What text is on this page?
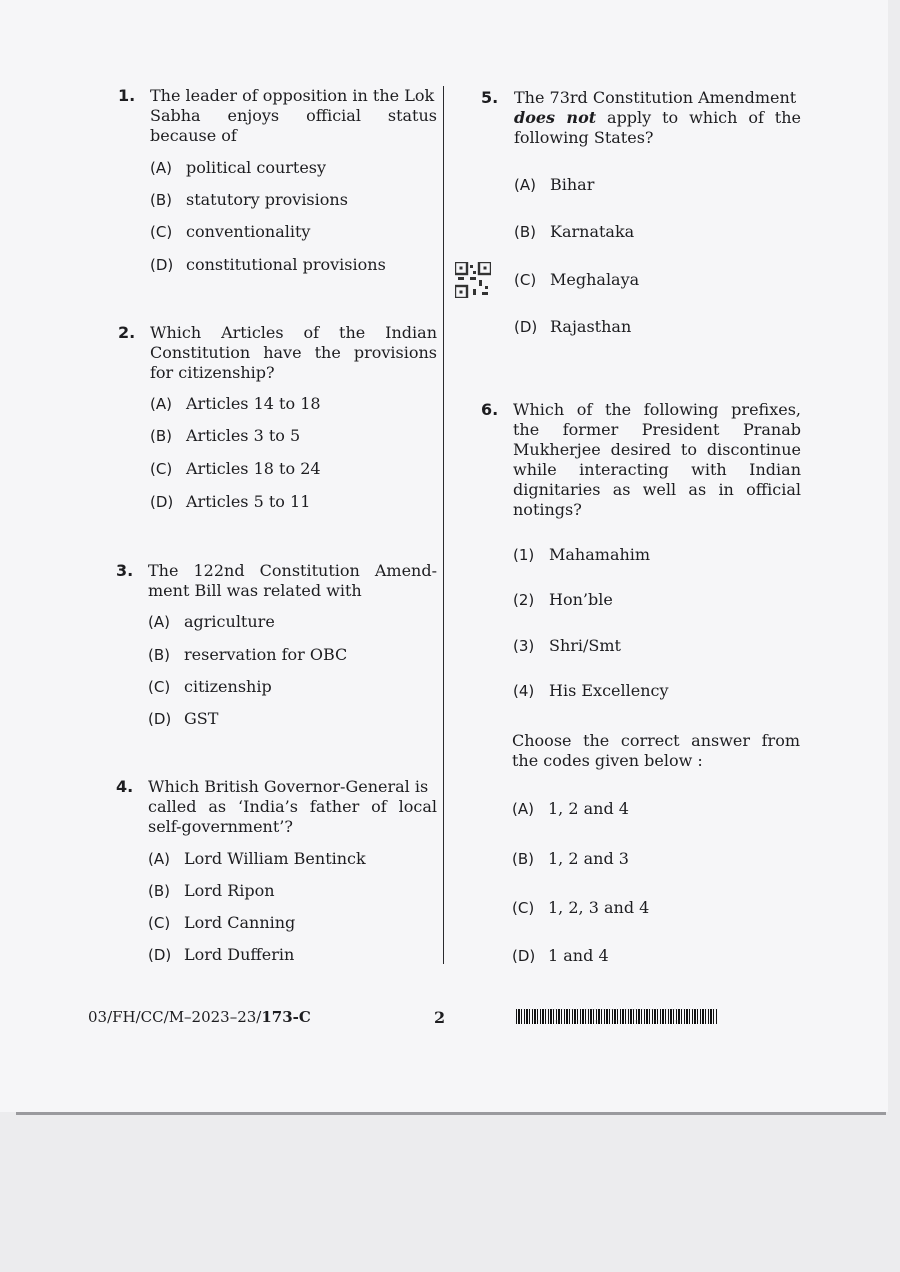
1. The leader of opposition in the Lok
Sabha enjoys official status
because of
(A) political courtesy
(B) statutory provisions
(C) conventionality
(D) constitutional provisions
2. Which Articles of the Indian
Constitution have the provisions
for citizenship?
(A) Articles 14 to 18
(B) Articles 3 to 5
(C) Articles 18 to 24
(D) Articles 5 to 11
3. The 122nd Constitution Amend-
ment Bill was related with
(A) agriculture
(B) reservation for OBC
(C) citizenship
(D) GST
4. Which British Governor-General is
called as ‘India’s father of local
self-government’?
(A) Lord William Bentinck
(B) Lord Ripon
(C) Lord Canning
(D) Lord Dufferin
5. The 73rd Constitution Amendment
does not apply to which of the
following States?
(A) Bihar
(B) Karnataka
(C) Meghalaya
(D) Rajasthan
6. Which of the following prefixes,
the former President Pranab
Mukherjee desired to discontinue
while interacting with Indian
dignitaries as well as in official
notings?
(1) Mahamahim
(2) Hon’ble
(3) Shri/Smt
(4) His Excellency
Choose the correct answer from
the codes given below :
(A) 1, 2 and 4
(B) 1, 2 and 3
(C) 1, 2, 3 and 4
(D) 1 and 4
03/FH/CC/M–2023–23/173-C	2
